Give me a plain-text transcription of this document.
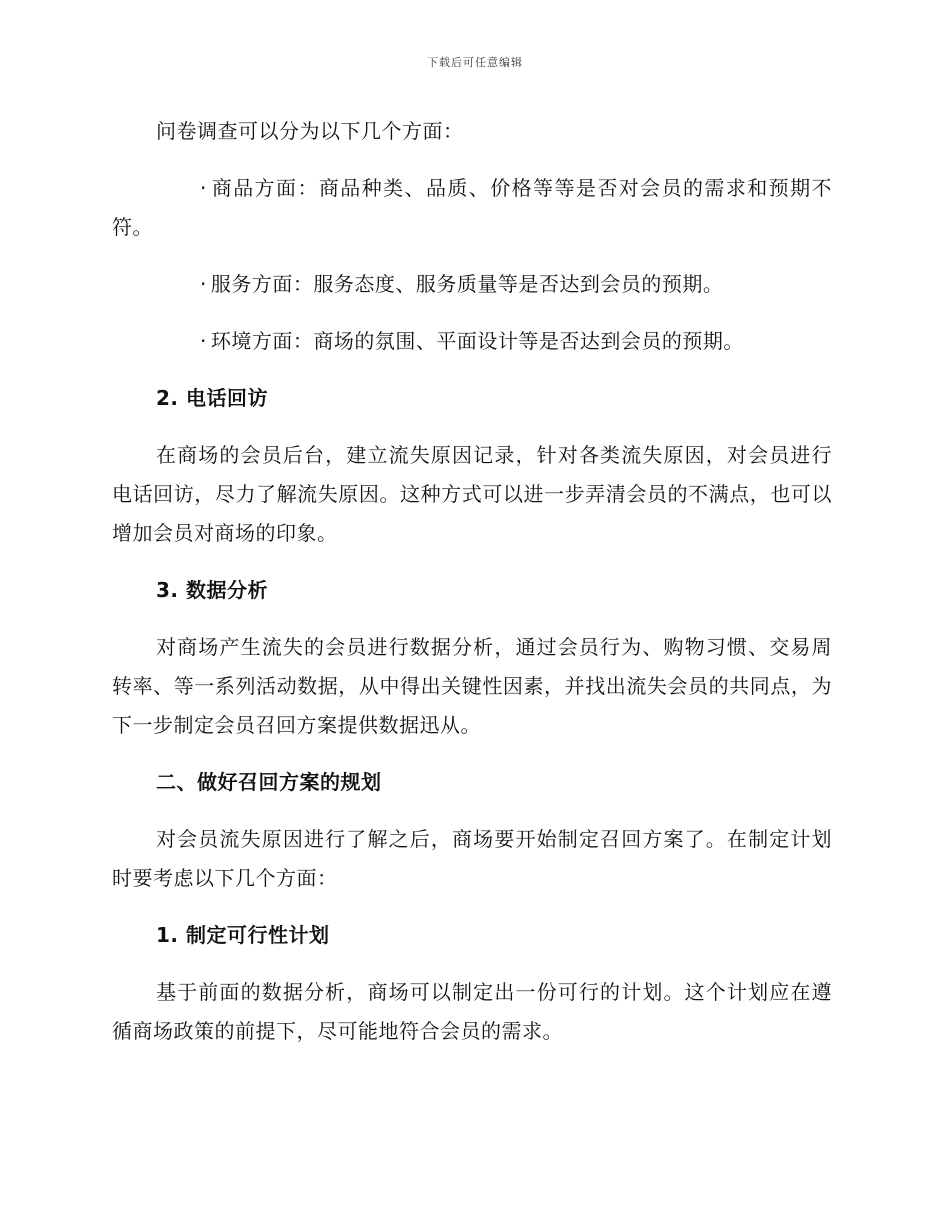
下载后可任意编辑

问卷调查可以分为以下几个方面：

· 商品方面：商品种类、品质、价格等等是否对会员的需求和预期不符。

· 服务方面：服务态度、服务质量等是否达到会员的预期。

· 环境方面：商场的氛围、平面设计等是否达到会员的预期。

2. 电话回访

在商场的会员后台，建立流失原因记录，针对各类流失原因，对会员进行电话回访，尽力了解流失原因。这种方式可以进一步弄清会员的不满点，也可以增加会员对商场的印象。

3. 数据分析

对商场产生流失的会员进行数据分析，通过会员行为、购物习惯、交易周转率、等一系列活动数据，从中得出关键性因素，并找出流失会员的共同点，为下一步制定会员召回方案提供数据迅从。

二、做好召回方案的规划

对会员流失原因进行了解之后，商场要开始制定召回方案了。在制定计划时要考虑以下几个方面：

1. 制定可行性计划

基于前面的数据分析，商场可以制定出一份可行的计划。这个计划应在遵循商场政策的前提下，尽可能地符合会员的需求。
